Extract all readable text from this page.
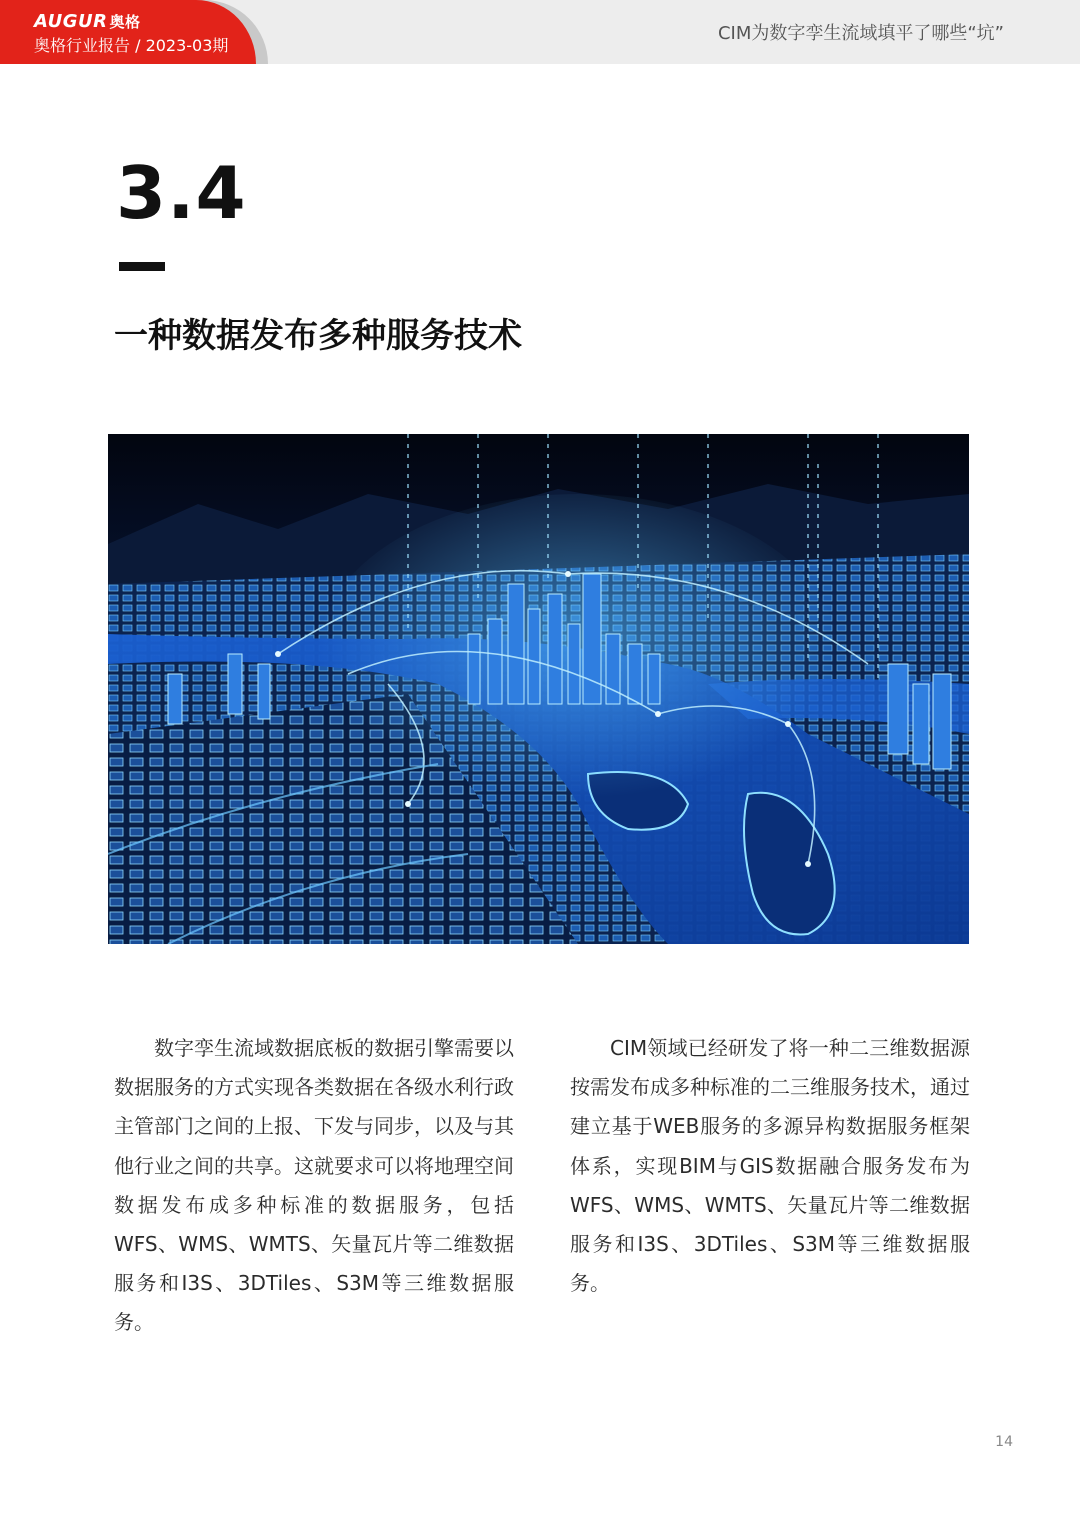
AUGUR 奥格
奥格行业报告 / 2023-03期
CIM为数字孪生流域填平了哪些“坑”
3.4
一种数据发布多种服务技术

数字孪生流域数据底板的数据引擎需要以数据服务的方式实现各类数据在各级水利行政主管部门之间的上报、下发与同步，以及与其他行业之间的共享。这就要求可以将地理空间数据发布成多种标准的数据服务，包括WFS、WMS、WMTS、矢量瓦片等二维数据服务和I3S、3DTiles、S3M等三维数据服务。

CIM领域已经研发了将一种二三维数据源按需发布成多种标准的二三维服务技术，通过建立基于WEB服务的多源异构数据服务框架体系，实现BIM与GIS数据融合服务发布为WFS、WMS、WMTS、矢量瓦片等二维数据服务和I3S、3DTiles、S3M等三维数据服务。

14
